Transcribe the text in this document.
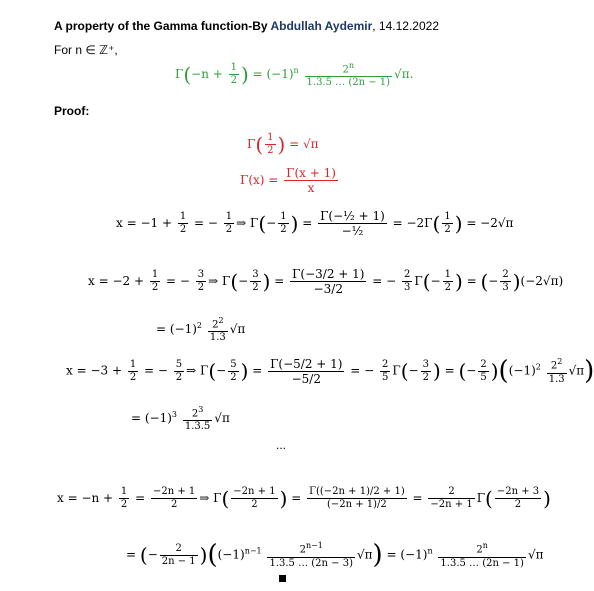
A property of the Gamma function-By Abdullah Aydemir, 14.12.2022
For n ∈ ℤ⁺,
$\Gamma(-n + \frac{1}{2}$ ) = $(-1)^n \frac{2^n}{1.3.5 \dots (2n - 1)} √\pi$.
Proof:
$\Gamma( \frac{1}{2}$ ) = √π
$\Gamma(x) = \frac{\Gamma(x + 1)}{x}$
$x = -1 + \frac{1}{2}$ = − $\frac{1}{2}$ ⇒ $\Gamma(- \frac{1}{2}$ ) = $\frac{\text{Γ(−½ + 1)}}{\text{−½}} = -2\Gamma( \frac{1}{2}$ ) = −2√π
$x = -2 + \frac{1}{2}$ = − $\frac{3}{2}$ ⇒ $\Gamma(- \frac{3}{2}$ ) = $\frac{\Gamma(-3/2 + 1)}{-3/2}$ = − $\frac{2}{3} \Gamma(- \frac{1}{2}$ ) = (− $\frac{2}{3} )(-2√\pi)$
= $(-1)^2 \frac{2^2}{1.3} √\pi$
$x = -3 + \frac{1}{2}$ = − $\frac{5}{2}$ ⇒ $\Gamma(- \frac{5}{2}$ ) = $\frac{\Gamma(-5/2 + 1)}{-5/2}$ = − $\frac{2}{5} \Gamma(- \frac{3}{2}$ ) = (− $\frac{2}{5} )((-1)^2 \frac{2^2}{1.3} √\pi)$
= $(-1)^3 \frac{2^3}{1.3.5} √\pi$
...
$x = -n + \frac{1}{2} = \frac{-2n + 1}{2}$ ⇒ $\Gamma( \frac{-2n + 1}{2}$ ) = $\frac{\Gamma((-2n + 1)/2 + 1)}{(-2n + 1)/2} = \frac{2}{-2n + 1} \Gamma( \frac{-2n + 3}{2}$ )
= (− $\frac{2}{2n - 1} )((-1)^{n-1} \frac{2^{n-1}}{1.3.5 \dots (2n - 3)} √\pi) = (-1)^n \frac{2^n}{1.3.5 \dots (2n - 1)} √\pi$
